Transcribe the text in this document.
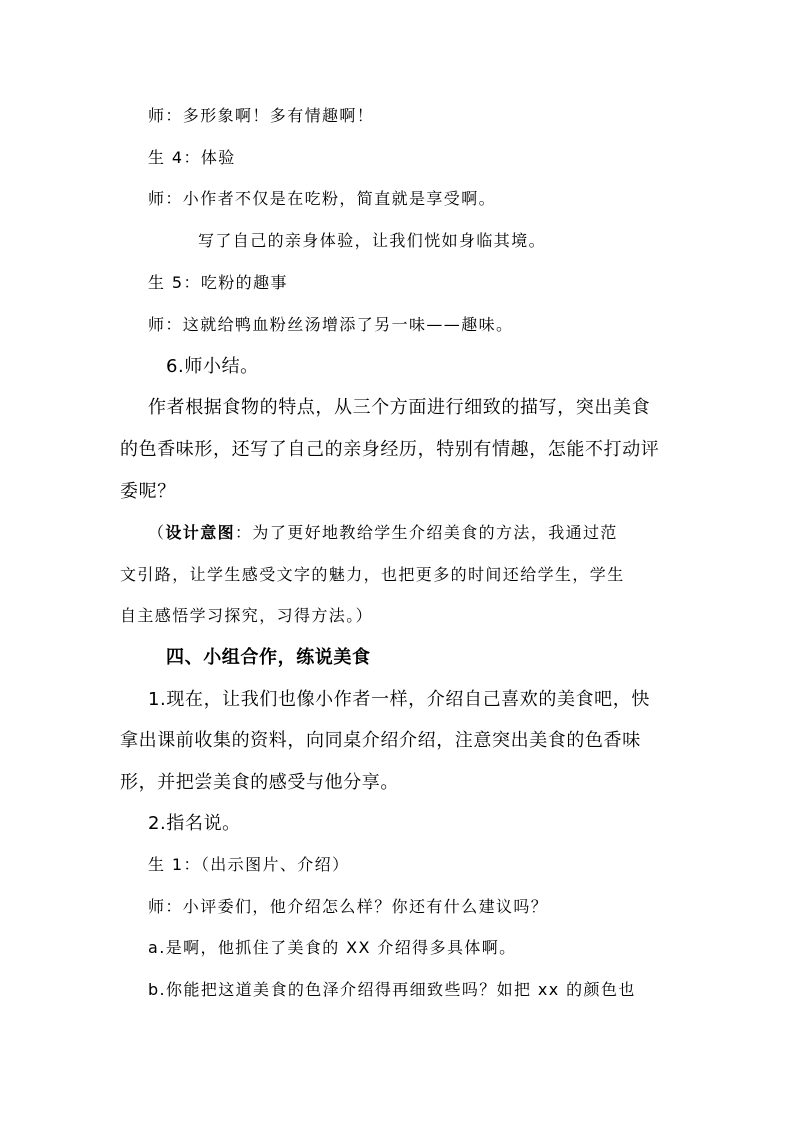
师：多形象啊！多有情趣啊！
生 4：体验
师：小作者不仅是在吃粉，简直就是享受啊。
写了自己的亲身体验，让我们恍如身临其境。
生 5：吃粉的趣事
师：这就给鸭血粉丝汤增添了另一味——趣味。
6.师小结。
作者根据食物的特点，从三个方面进行细致的描写，突出美食
的色香味形，还写了自己的亲身经历，特别有情趣，怎能不打动评
委呢？
（设计意图：为了更好地教给学生介绍美食的方法，我通过范
文引路，让学生感受文字的魅力，也把更多的时间还给学生，学生
自主感悟学习探究，习得方法。）
四、小组合作，练说美食
1.现在，让我们也像小作者一样，介绍自己喜欢的美食吧，快
拿出课前收集的资料，向同桌介绍介绍，注意突出美食的色香味
形，并把尝美食的感受与他分享。
2.指名说。
生 1：（出示图片、介绍）
师：小评委们，他介绍怎么样？你还有什么建议吗？
a.是啊，他抓住了美食的 XX 介绍得多具体啊。
b.你能把这道美食的色泽介绍得再细致些吗？如把 xx 的颜色也
